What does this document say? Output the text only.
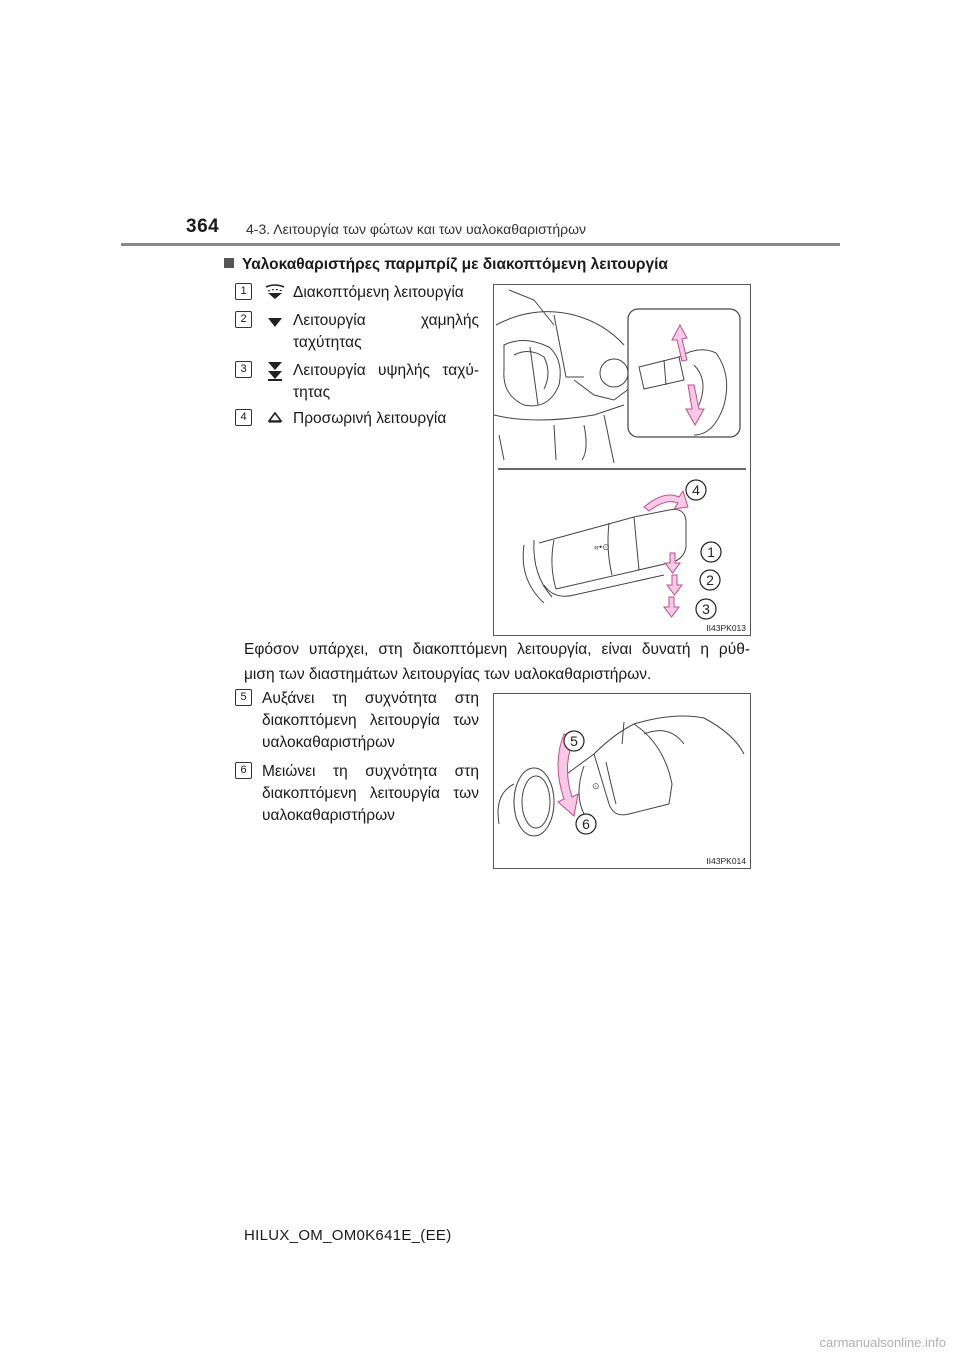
364 4-3. Λειτουργία των φώτων και των υαλοκαθαριστήρων
Υαλοκαθαριστήρες παρμπρίζ με διακοπτόμενη λειτουργία
1	Διακοπτόμενη λειτουργία
2	Λειτουργία χαμηλής
ταχύτητας
3	Λειτουργία υψηλής ταχύ-
τητας
4	Προσωρινή λειτουργία
«•⊙
4
1
2
3
II43PK013
Εφόσον υπάρχει, στη διακοπτόμενη λειτουργία, είναι δυνατή η ρύθ-
μιση των διαστημάτων λειτουργίας των υαλοκαθαριστήρων.
5 Αυξάνει τη συχνότητα στη
διακοπτόμενη λειτουργία των
υαλοκαθαριστήρων
6 Μειώνει τη συχνότητα στη
διακοπτόμενη λειτουργία των
υαλοκαθαριστήρων
⊙
5
6
II43PK014
HILUX_OM_OM0K641E_(EE)
carmanualsonline.info
